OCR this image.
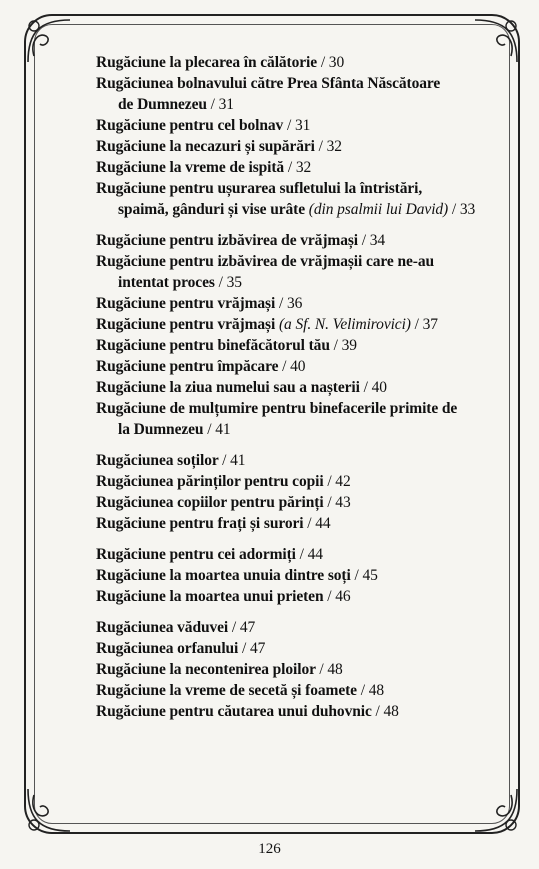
Rugăciune la plecarea în călătorie / 30
Rugăciunea bolnavului către Prea Sfânta Născătoare
de Dumnezeu / 31
Rugăciune pentru cel bolnav / 31
Rugăciune la necazuri și supărări / 32
Rugăciune la vreme de ispită / 32
Rugăciune pentru ușurarea sufletului la întristări,
spaimă, gânduri și vise urâte (din psalmii lui David) / 33
Rugăciune pentru izbăvirea de vrăjmași / 34
Rugăciune pentru izbăvirea de vrăjmașii care ne-au
intentat proces / 35
Rugăciune pentru vrăjmași / 36
Rugăciune pentru vrăjmași (a Sf. N. Velimirovici) / 37
Rugăciune pentru binefăcătorul tău / 39
Rugăciune pentru împăcare / 40
Rugăciune la ziua numelui sau a nașterii / 40
Rugăciune de mulțumire pentru binefacerile primite de
la Dumnezeu / 41
Rugăciunea soților / 41
Rugăciunea părinților pentru copii / 42
Rugăciunea copiilor pentru părinți / 43
Rugăciune pentru frați și surori / 44
Rugăciune pentru cei adormiți / 44
Rugăciune la moartea unuia dintre soți / 45
Rugăciune la moartea unui prieten / 46
Rugăciunea văduvei / 47
Rugăciunea orfanului / 47
Rugăciune la necontenirea ploilor / 48
Rugăciune la vreme de secetă și foamete / 48
Rugăciune pentru căutarea unui duhovnic / 48
126
